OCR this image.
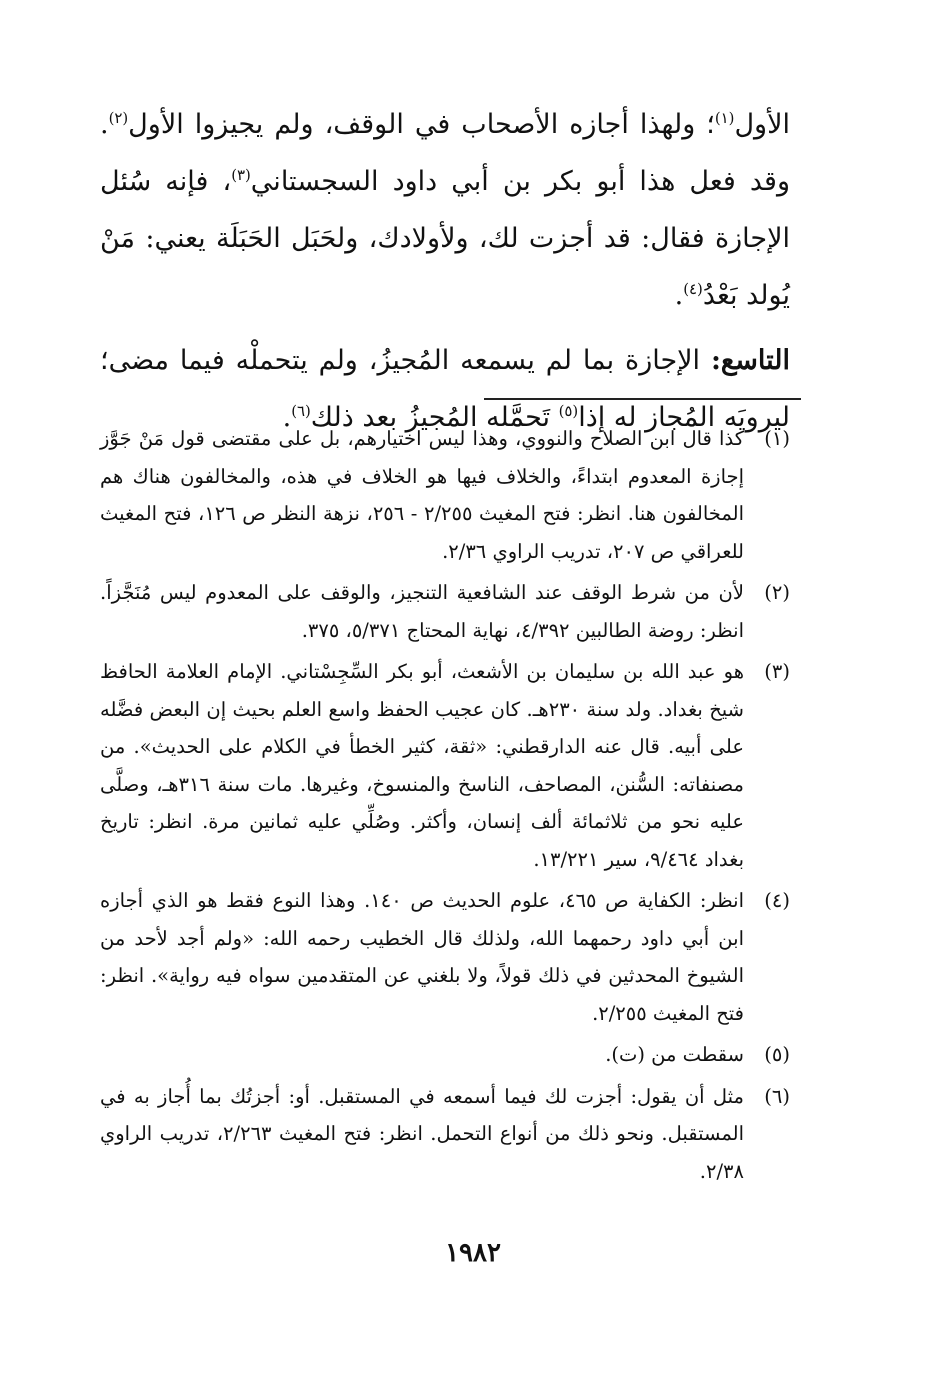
الأول$^{(١)}$؛ ولهذا أجازه الأصحاب في الوقف، ولم يجيزوا الأول$^{(٢)}$. وقد فعل هذا أبو بكر بن أبي داود السجستاني$^{(٣)}$، فإنه سُئل الإجازة فقال: قد أجزت لك، ولأولادك، ولحَبَل الحَبَلَة يعني: مَنْ يُولد بَعْدُ$^{(٤)}$.

التاسع: الإجازة بما لم يسمعه المُجيزُ، ولم يتحملْه فيما مضى؛ ليرويَه المُجاز له إذا$^{(٥)}$ تَحمَّله المُجيزُ بعد ذلك$^{(٦)}$.

(١)
كذا قال ابن الصلاح والنووي، وهذا ليس اختيارهم، بل على مقتضى قول مَنْ جَوَّز إجازة المعدوم ابتداءً، والخلاف فيها هو الخلاف في هذه، والمخالفون هناك هم المخالفون هنا. انظر: فتح المغيث ٢/٢٥٥ - ٢٥٦، نزهة النظر ص ١٢٦، فتح المغيث للعراقي ص ٢٠٧، تدريب الراوي ٢/٣٦.
(٢)
لأن من شرط الوقف عند الشافعية التنجيز، والوقف على المعدوم ليس مُنَجَّزاً. انظر: روضة الطالبين ٤/٣٩٢، نهاية المحتاج ٥/٣٧١، ٣٧٥.
(٣)
هو عبد الله بن سليمان بن الأشعث، أبو بكر السِّجِسْتاني. الإمام العلامة الحافظ شيخ بغداد. ولد سنة ٢٣٠هـ. كان عجيب الحفظ واسع العلم بحيث إن البعض فضَّله على أبيه. قال عنه الدارقطني: «ثقة، كثير الخطأ في الكلام على الحديث». من مصنفاته: السُّنن، المصاحف، الناسخ والمنسوخ، وغيرها. مات سنة ٣١٦هـ، وصلَّى عليه نحو من ثلاثمائة ألف إنسان، وأكثر. وصُلِّي عليه ثمانين مرة. انظر: تاريخ بغداد ٩/٤٦٤، سير ١٣/٢٢١.
(٤)
انظر: الكفاية ص ٤٦٥، علوم الحديث ص ١٤٠. وهذا النوع فقط هو الذي أجازه ابن أبي داود رحمهما الله، ولذلك قال الخطيب رحمه الله: «ولم أجد لأحد من الشيوخ المحدثين في ذلك قولاً، ولا بلغني عن المتقدمين سواه فيه رواية». انظر: فتح المغيث ٢/٢٥٥.
(٥)
سقطت من (ت).
(٦)
مثل أن يقول: أجزت لك فيما أسمعه في المستقبل. أو: أجزتُك بما أُجاز به في المستقبل. ونحو ذلك من أنواع التحمل. انظر: فتح المغيث ٢/٢٦٣، تدريب الراوي ٢/٣٨.
١٩٨٢
